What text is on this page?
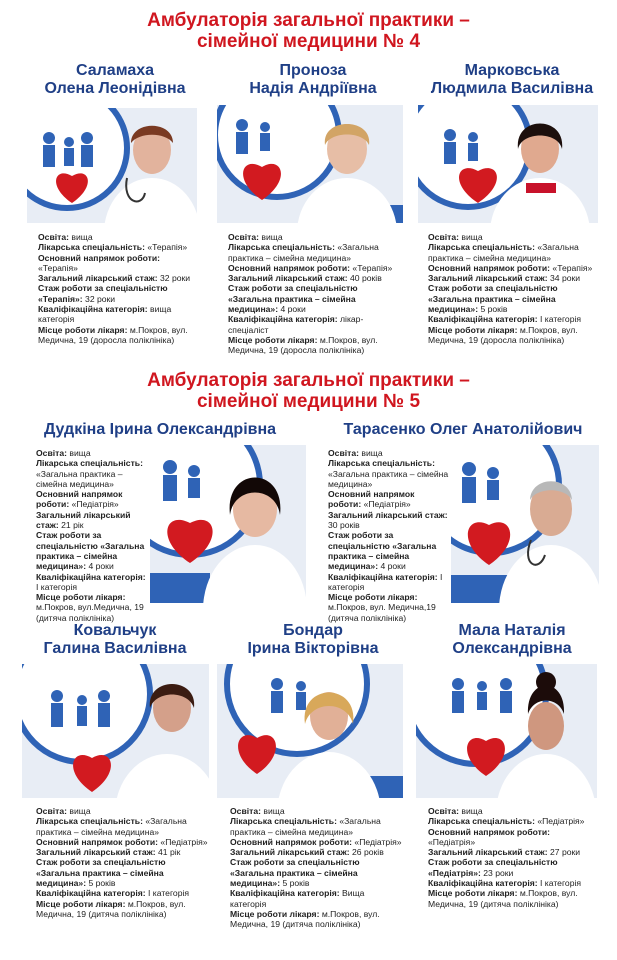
Амбулаторія загальної практики –
сімейної медицини № 4
Саламаха
Олена Леонідівна
Проноза
Надія Андріївна
Марковська
Людмила Василівна

Освіта: вища

Лікарська спеціальність: «Терапія»

Основний напрямок роботи: «Терапія»

Загальний лікарський стаж: 32 роки

Стаж роботи за спеціальністю «Терапія»: 32 роки

Кваліфікаційна категорія: вища категорія

Місце роботи лікаря: м.Покров, вул. Медична, 19 (доросла поліклініка)

Освіта: вища

Лікарська спеціальність: «Загальна практика – сімейна медицина»

Основний напрямок роботи: «Терапія»

Загальний лікарський стаж: 40 років

Стаж роботи за спеціальністю «Загальна практика – сімейна медицина»: 4 роки

Кваліфікаційна категорія: лікар-спеціаліст

Місце роботи лікаря: м.Покров, вул. Медична, 19 (доросла поліклініка)

Освіта: вища

Лікарська спеціальність: «Загальна практика – сімейна медицина»

Основний напрямок роботи: «Терапія»

Загальний лікарський стаж: 34 роки

Стаж роботи за спеціальністю «Загальна практика – сімейна медицина»: 5 років

Кваліфікаційна категорія: І категорія

Місце роботи лікаря: м.Покров, вул. Медична, 19 (доросла поліклініка)

Амбулаторія загальної практики –
сімейної медицини № 5
Дудкіна Ірина Олександрівна	Тарасенко Олег Анатолійович

Освіта: вища

Лікарська спеціальність: «Загальна практика – сімейна медицина»

Основний напрямок роботи: «Педіатрія»

Загальний лікарський стаж: 21 рік

Стаж роботи за спеціальністю «Загальна практика – сімейна медицина»: 4 роки

Кваліфікаційна категорія: І категорія

Місце роботи лікаря: м.Покров, вул.Медична, 19 (дитяча поліклініка)

Освіта: вища

Лікарська спеціальність: «Загальна практика – сімейна медицина»

Основний напрямок роботи: «Педіатрія»

Загальний лікарський стаж: 30 років

Стаж роботи за спеціальністю «Загальна практика – сімейна медицина»: 4 роки

Кваліфікаційна категорія: І категорія

Місце роботи лікаря: м.Покров, вул. Медична,19 (дитяча поліклініка)

Ковальчук
Галина Василівна
Бондар
Ірина Вікторівна
Мала Наталія
Олександрівна

Освіта: вища

Лікарська спеціальність: «Загальна практика – сімейна медицина»

Основний напрямок роботи: «Педіатрія»

Загальний лікарський стаж: 41 рік

Стаж роботи за спеціальністю «Загальна практика – сімейна медицина»: 5 років

Кваліфікаційна категорія: І категорія

Місце роботи лікаря: м.Покров, вул. Медична, 19 (дитяча поліклініка)

Освіта: вища

Лікарська спеціальність: «Загальна практика – сімейна медицина»

Основний напрямок роботи: «Педіатрія»

Загальний лікарський стаж: 26 років

Стаж роботи за спеціальністю «Загальна практика – сімейна медицина»: 5 років

Кваліфікаційна категорія: Вища категорія

Місце роботи лікаря: м.Покров, вул. Медична, 19 (дитяча поліклініка)

Освіта: вища

Лікарська спеціальність: «Педіатрія»

Основний напрямок роботи: «Педіатрія»

Загальний лікарський стаж: 27 роки

Стаж роботи за спеціальністю «Педіатрія»: 23 роки

Кваліфікаційна категорія: І категорія

Місце роботи лікаря: м.Покров, вул. Медична, 19 (дитяча поліклініка)
